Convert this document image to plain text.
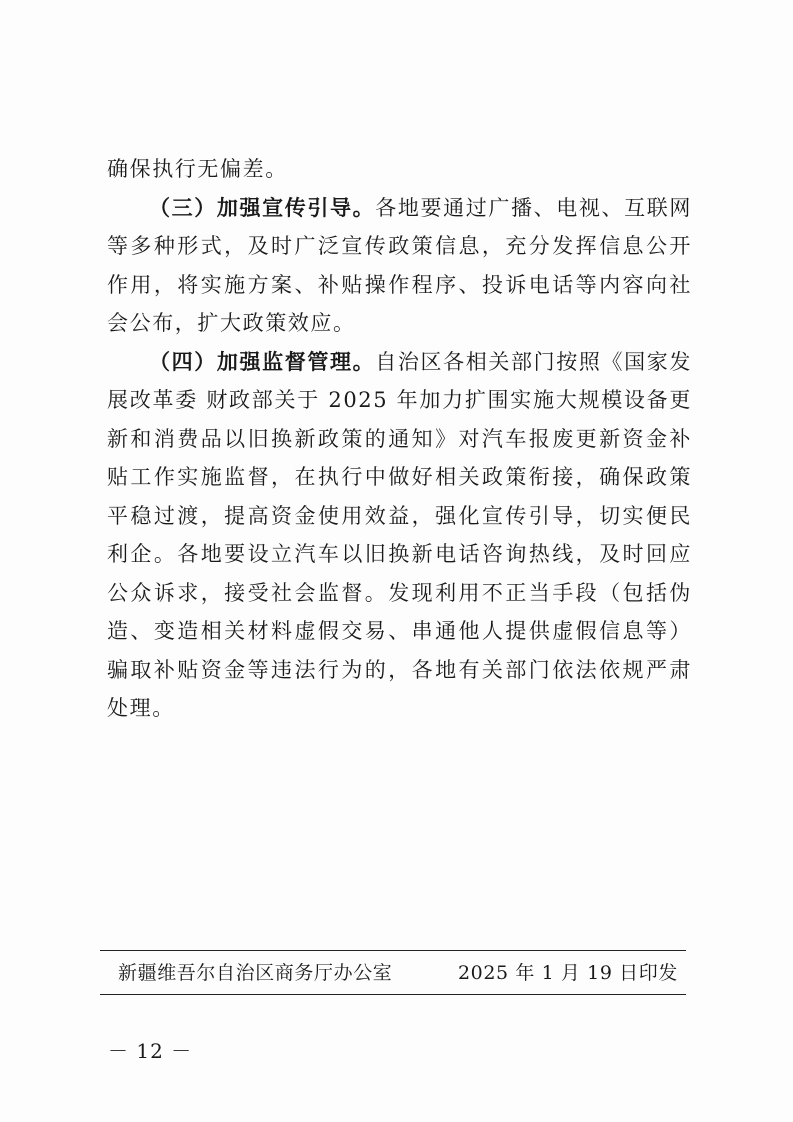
确保执行无偏差。

（三）加强宣传引导。各地要通过广播、电视、互联网等多种形式，及时广泛宣传政策信息，充分发挥信息公开作用，将实施方案、补贴操作程序、投诉电话等内容向社会公布，扩大政策效应。

（四）加强监督管理。自治区各相关部门按照《国家发展改革委 财政部关于 2025 年加力扩围实施大规模设备更新和消费品以旧换新政策的通知》对汽车报废更新资金补贴工作实施监督，在执行中做好相关政策衔接，确保政策平稳过渡，提高资金使用效益，强化宣传引导，切实便民利企。各地要设立汽车以旧换新电话咨询热线，及时回应公众诉求，接受社会监督。发现利用不正当手段（包括伪造、变造相关材料虚假交易、串通他人提供虚假信息等）骗取补贴资金等违法行为的，各地有关部门依法依规严肃处理。

新疆维吾尔自治区商务厅办公室	2025 年 1 月 19 日印发
－ 12 －
